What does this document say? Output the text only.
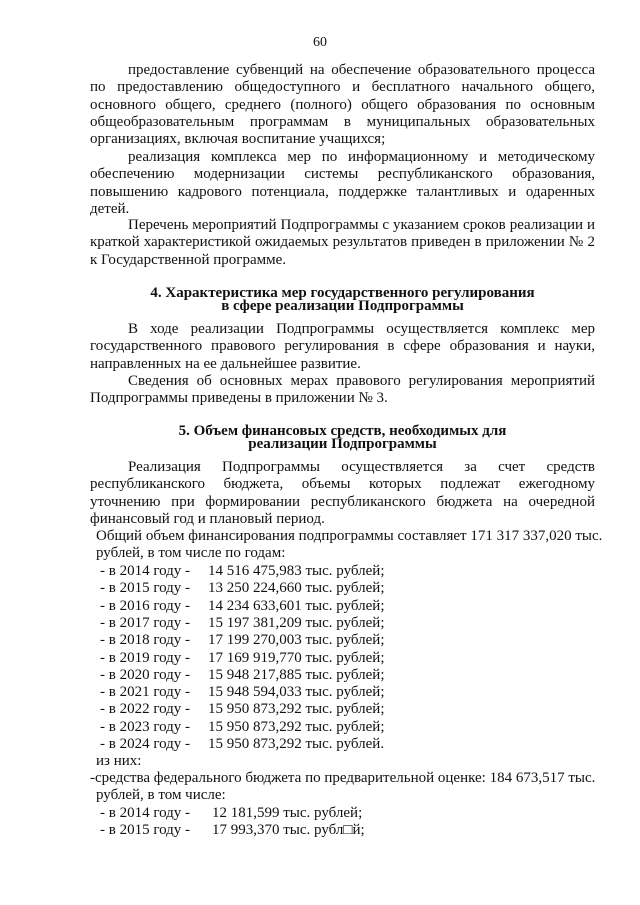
60
предоставление субвенций на обеспечение образовательного процесса по предоставлению общедоступного и бесплатного начального общего, основного общего, среднего (полного) общего образования по основным общеобразовательным программам в муниципальных образовательных организациях, включая воспитание учащихся;
реализация комплекса мер по информационному и методическому обеспечению модернизации системы республиканского образования, повышению кадрового потенциала, поддержке талантливых и одаренных детей.
Перечень мероприятий Подпрограммы с указанием сроков реализации и краткой характеристикой ожидаемых результатов приведен в приложении № 2 к Государственной программе.
4. Характеристика мер государственного регулирования
в сфере реализации Подпрограммы
В ходе реализации Подпрограммы осуществляется комплекс мер государственного правового регулирования в сфере образования и науки, направленных на ее дальнейшее развитие.
Сведения об основных мерах правового регулирования мероприятий Подпрограммы приведены в приложении № 3.
5. Объем финансовых средств, необходимых для
реализации Подпрограммы
Реализация Подпрограммы осуществляется за счет средств республиканского бюджета, объемы которых подлежат ежегодному уточнению при формировании республиканского бюджета на очередной финансовый год и плановый период.
Общий объем финансирования подпрограммы составляет 171 317 337,020 тыс.
рублей, в том числе по годам:
- в 2014 году - 14 516 475,983 тыс. рублей;
- в 2015 году - 13 250 224,660 тыс. рублей;
- в 2016 году - 14 234 633,601 тыс. рублей;
- в 2017 году - 15 197 381,209 тыс. рублей;
- в 2018 году - 17 199 270,003 тыс. рублей;
- в 2019 году - 17 169 919,770 тыс. рублей;
- в 2020 году - 15 948 217,885 тыс. рублей;
- в 2021 году - 15 948 594,033 тыс. рублей;
- в 2022 году - 15 950 873,292 тыс. рублей;
- в 2023 году - 15 950 873,292 тыс. рублей;
- в 2024 году - 15 950 873,292 тыс. рублей.
из них:
-средства федерального бюджета по предварительной оценке: 184 673,517 тыс.
рублей, в том числе:
- в 2014 году - 12 181,599 тыс. рублей;
- в 2015 году - 17 993,370 тыс. рубл□й;
